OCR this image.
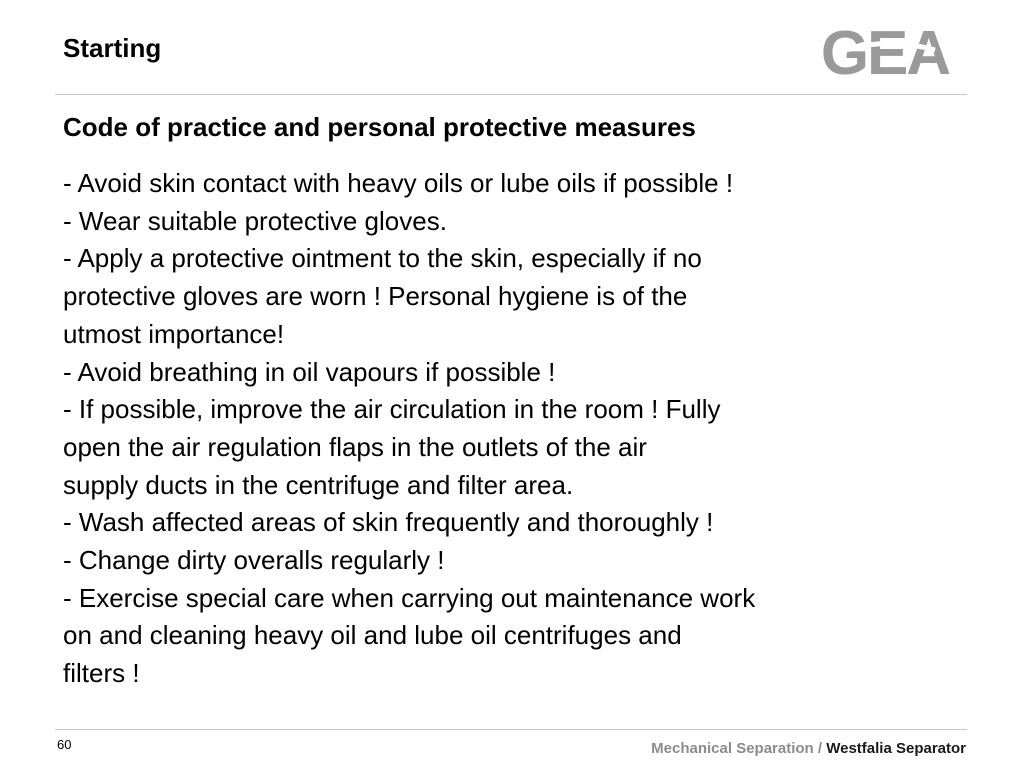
Starting	GEA
Code of practice and personal protective measures
- Avoid skin contact with heavy oils or lube oils if possible !
- Wear suitable protective gloves.
- Apply a protective ointment to the skin, especially if no
protective gloves are worn ! Personal hygiene is of the
utmost importance!
- Avoid breathing in oil vapours if possible !
- If possible, improve the air circulation in the room ! Fully
open the air regulation flaps in the outlets of the air
supply ducts in the centrifuge and filter area.
- Wash affected areas of skin frequently and thoroughly !
- Change dirty overalls regularly !
- Exercise special care when carrying out maintenance work
on and cleaning heavy oil and lube oil centrifuges and
filters !
60	Mechanical Separation / Westfalia Separator
